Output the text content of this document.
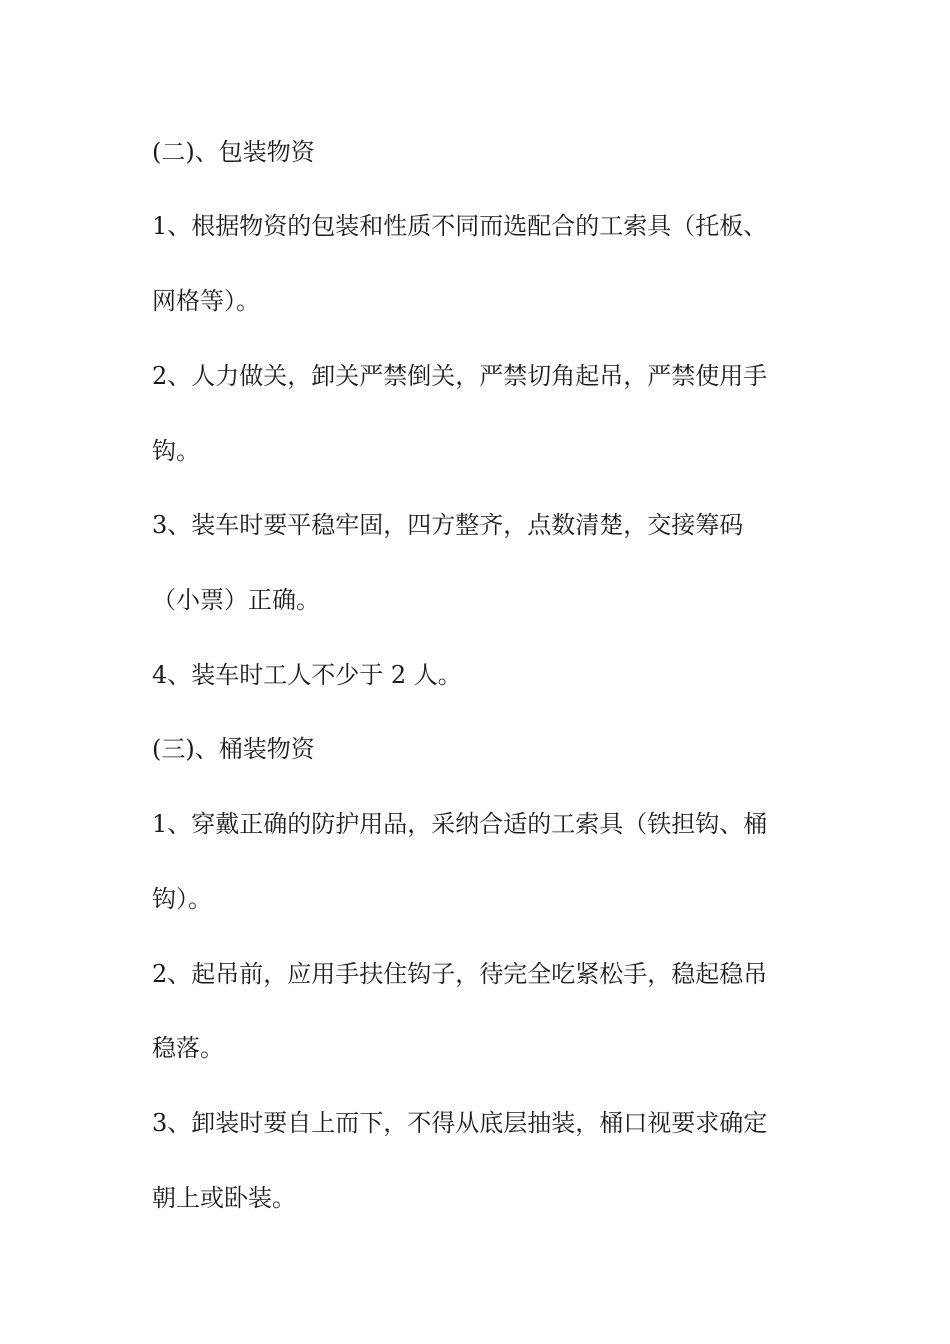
(二)、包装物资
1、根据物资的包装和性质不同而选配合的工索具（托板、
网格等）。
2、人力做关，卸关严禁倒关，严禁切角起吊，严禁使用手
钩。
3、装车时要平稳牢固，四方整齐，点数清楚，交接筹码
（小票）正确。
4、装车时工人不少于 2 人。
(三)、桶装物资
1、穿戴正确的防护用品，采纳合适的工索具（铁担钩、桶
钩）。
2、起吊前，应用手扶住钩子，待完全吃紧松手，稳起稳吊
稳落。
3、卸装时要自上而下，不得从底层抽装，桶口视要求确定
朝上或卧装。
